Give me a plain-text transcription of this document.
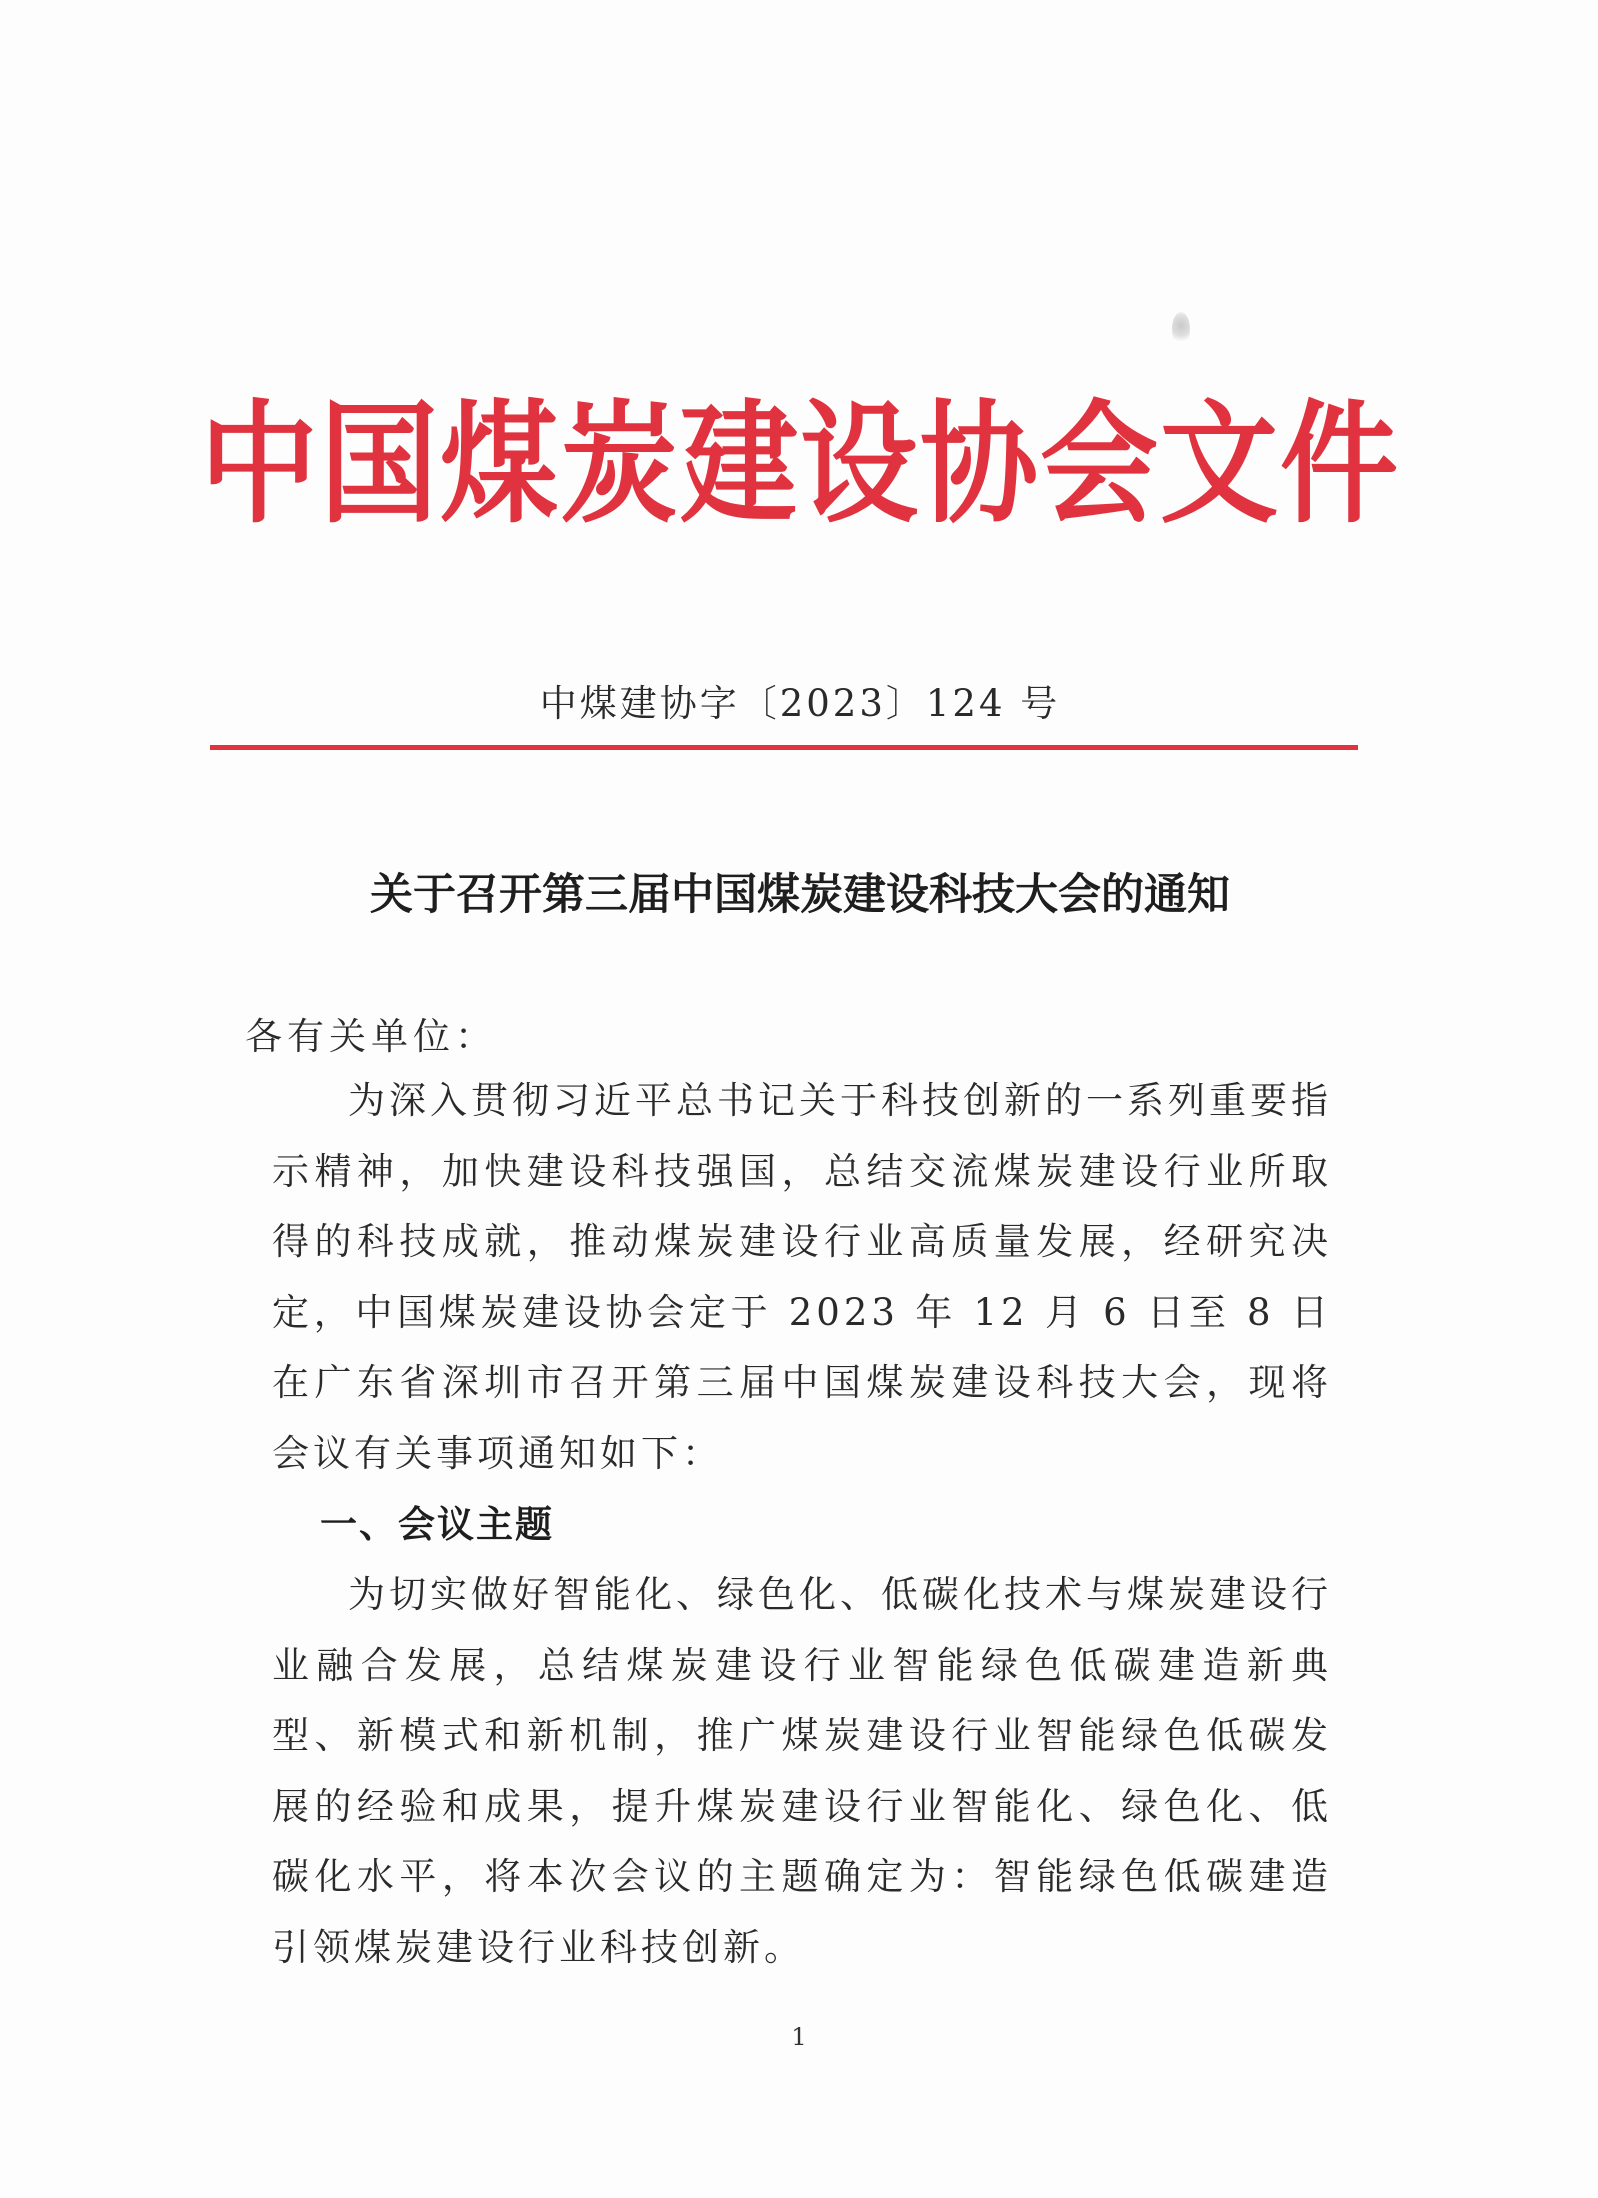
中国煤炭建设协会文件
中煤建协字〔2023〕124 号
关于召开第三届中国煤炭建设科技大会的通知
各有关单位：

为深入贯彻习近平总书记关于科技创新的一系列重要指示精神，加快建设科技强国，总结交流煤炭建设行业所取得的科技成就，推动煤炭建设行业高质量发展，经研究决定，中国煤炭建设协会定于 2023 年 12 月 6 日至 8 日在广东省深圳市召开第三届中国煤炭建设科技大会，现将会议有关事项通知如下：

一、会议主题

为切实做好智能化、绿色化、低碳化技术与煤炭建设行业融合发展，总结煤炭建设行业智能绿色低碳建造新典型、新模式和新机制，推广煤炭建设行业智能绿色低碳发展的经验和成果，提升煤炭建设行业智能化、绿色化、低碳化水平，将本次会议的主题确定为：智能绿色低碳建造引领煤炭建设行业科技创新。

1
